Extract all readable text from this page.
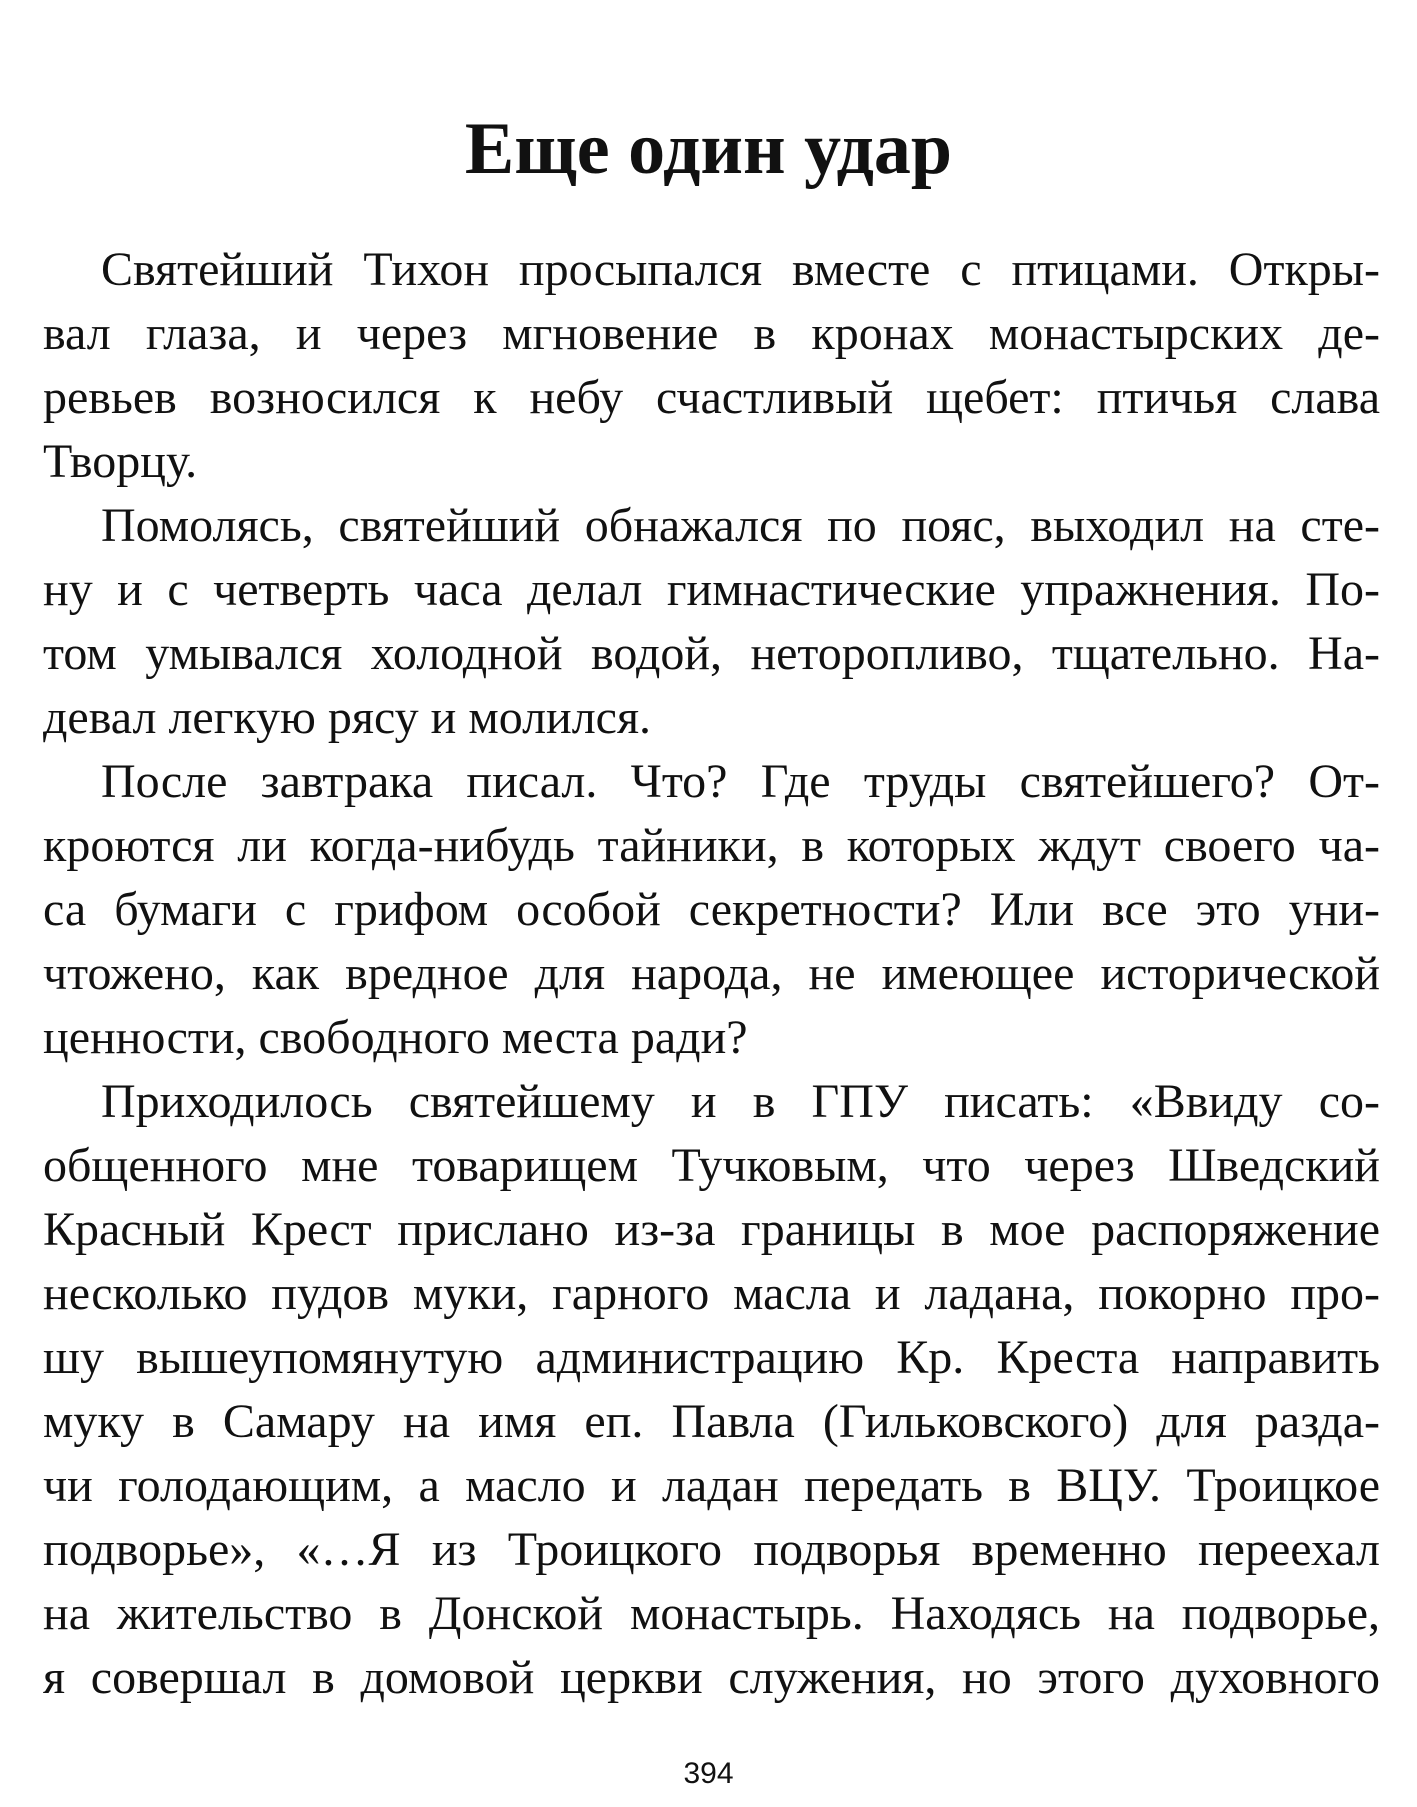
Еще один удар
Святейший Тихон просыпался вместе с птицами. Откры-
вал глаза, и через мгновение в кронах монастырских де-
ревьев возносился к небу счастливый щебет: птичья слава
Творцу.
Помолясь, святейший обнажался по пояс, выходил на сте-
ну и с четверть часа делал гимнастические упражнения. По-
том умывался холодной водой, неторопливо, тщательно. На-
девал легкую рясу и молился.
После завтрака писал. Что? Где труды святейшего? От-
кроются ли когда-нибудь тайники, в которых ждут своего ча-
са бумаги с грифом особой секретности? Или все это уни-
чтожено, как вредное для народа, не имеющее исторической
ценности, свободного места ради?
Приходилось святейшему и в ГПУ писать: «Ввиду со-
общенного мне товарищем Тучковым, что через Шведский
Красный Крест прислано из-за границы в мое распоряжение
несколько пудов муки, гарного масла и ладана, покорно про-
шу вышеупомянутую администрацию Кр. Креста направить
муку в Самару на имя еп. Павла (Гильковского) для разда-
чи голодающим, а масло и ладан передать в ВЦУ. Троицкое
подворье», «…Я из Троицкого подворья временно переехал
на жительство в Донской монастырь. Находясь на подворье,
я совершал в домовой церкви служения, но этого духовного
394
